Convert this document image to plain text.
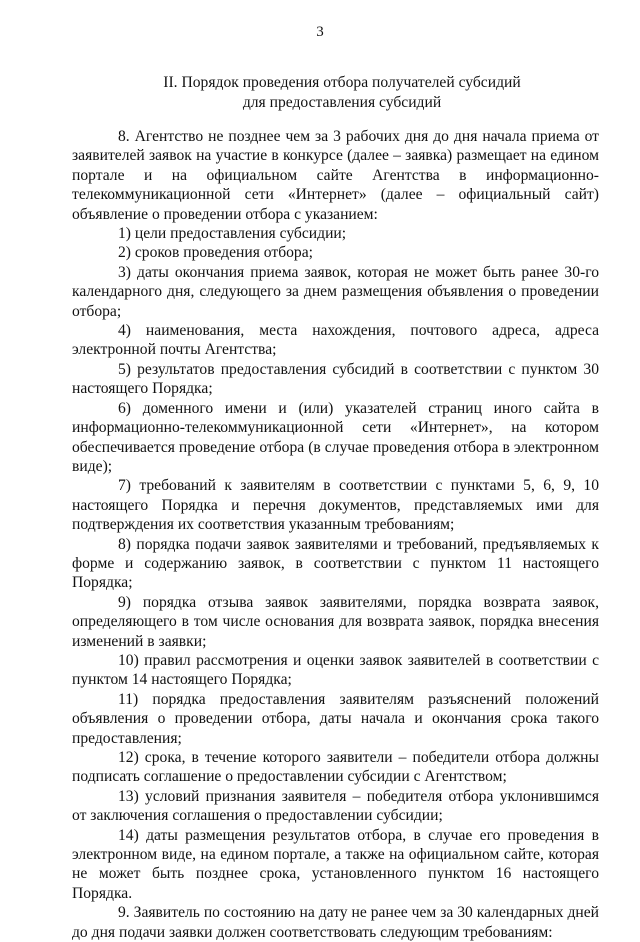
3
II. Порядок проведения отбора получателей субсидий
для предоставления субсидий

8. Агентство не позднее чем за 3 рабочих дня до дня начала приема от заявителей заявок на участие в конкурсе (далее – заявка) размещает на едином портале и на официальном сайте Агентства в информационно-телекоммуникационной сети «Интернет» (далее – официальный сайт) объявление о проведении отбора с указанием:

1) цели предоставления субсидии;

2) сроков проведения отбора;

3) даты окончания приема заявок, которая не может быть ранее 30-го календарного дня, следующего за днем размещения объявления о проведении отбора;

4) наименования, места нахождения, почтового адреса, адреса электронной почты Агентства;

5) результатов предоставления субсидий в соответствии с пунктом 30 настоящего Порядка;

6) доменного имени и (или) указателей страниц иного сайта в информационно-телекоммуникационной сети «Интернет», на котором обеспечивается проведение отбора (в случае проведения отбора в электронном виде);

7) требований к заявителям в соответствии с пунктами 5, 6, 9, 10 настоящего Порядка и перечня документов, представляемых ими для подтверждения их соответствия указанным требованиям;

8) порядка подачи заявок заявителями и требований, предъявляемых к форме и содержанию заявок, в соответствии с пунктом 11 настоящего Порядка;

9) порядка отзыва заявок заявителями, порядка возврата заявок, определяющего в том числе основания для возврата заявок, порядка внесения изменений в заявки;

10) правил рассмотрения и оценки заявок заявителей в соответствии с пунктом 14 настоящего Порядка;

11) порядка предоставления заявителям разъяснений положений объявления о проведении отбора, даты начала и окончания срока такого предоставления;

12) срока, в течение которого заявители – победители отбора должны подписать соглашение о предоставлении субсидии с Агентством;

13) условий признания заявителя – победителя отбора уклонившимся от заключения соглашения о предоставлении субсидии;

14) даты размещения результатов отбора, в случае его проведения в электронном виде, на едином портале, а также на официальном сайте, которая не может быть позднее срока, установленного пунктом 16 настоящего Порядка.

9. Заявитель по состоянию на дату не ранее чем за 30 календарных дней до дня подачи заявки должен соответствовать следующим требованиям:
